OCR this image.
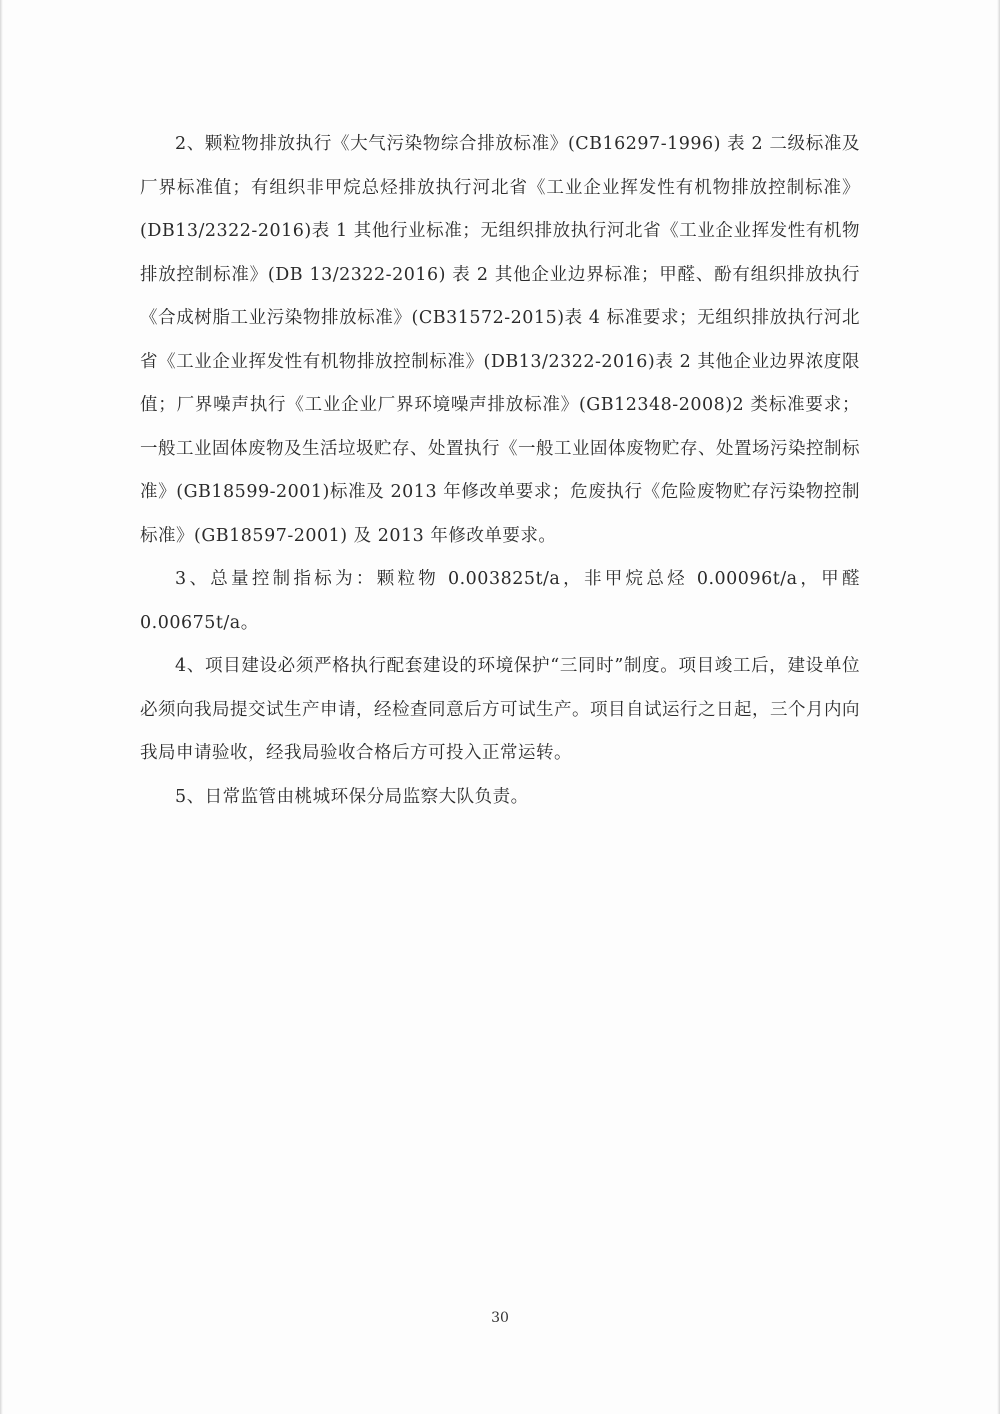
2、颗粒物排放执行《大气污染物综合排放标准》(CB16297-1996) 表 2 二级标准及厂界标准值；有组织非甲烷总烃排放执行河北省《工业企业挥发性有机物排放控制标准》(DB13/2322-2016)表 1 其他行业标准；无组织排放执行河北省《工业企业挥发性有机物排放控制标准》(DB 13/2322-2016) 表 2 其他企业边界标准；甲醛、酚有组织排放执行《合成树脂工业污染物排放标准》(CB31572-2015)表 4 标准要求；无组织排放执行河北省《工业企业挥发性有机物排放控制标准》(DB13/2322-2016)表 2 其他企业边界浓度限值；厂界噪声执行《工业企业厂界环境噪声排放标准》(GB12348-2008)2 类标准要求；一般工业固体废物及生活垃圾贮存、处置执行《一般工业固体废物贮存、处置场污染控制标准》(GB18599-2001)标准及 2013 年修改单要求；危废执行《危险废物贮存污染物控制标准》(GB18597-2001) 及 2013 年修改单要求。

3、总量控制指标为：颗粒物 0.003825t/a，非甲烷总烃 0.00096t/a，甲醛 0.00675t/a。

4、项目建设必须严格执行配套建设的环境保护“三同时”制度。项目竣工后，建设单位必须向我局提交试生产申请，经检查同意后方可试生产。项目自试运行之日起，三个月内向我局申请验收，经我局验收合格后方可投入正常运转。

5、日常监管由桃城环保分局监察大队负责。

30
